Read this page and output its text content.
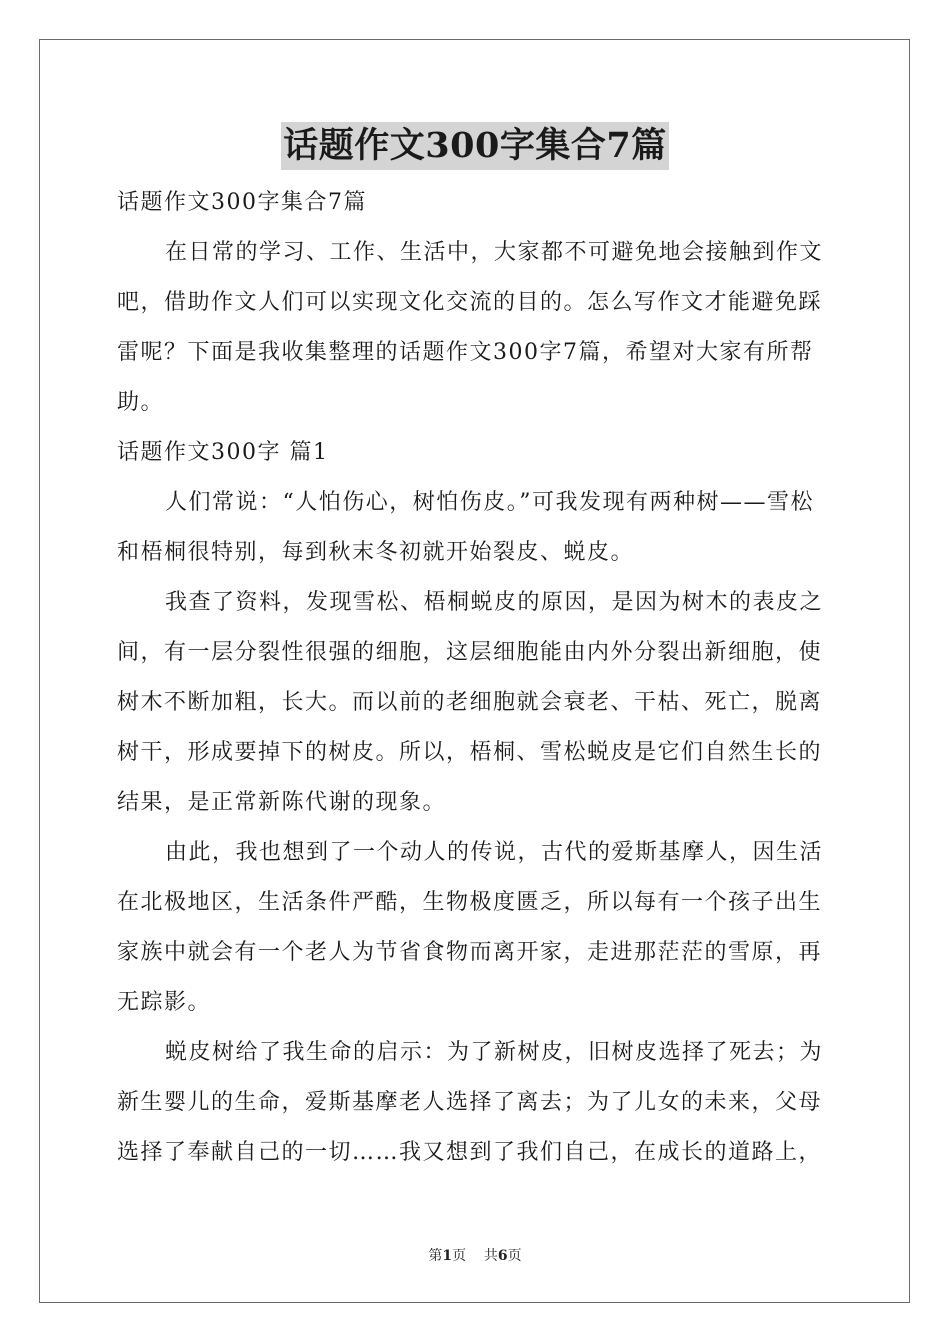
话题作文300字集合7篇

话题作文300字集合7篇

在日常的学习、工作、生活中，大家都不可避免地会接触到作文吧，借助作文人们可以实现文化交流的目的。怎么写作文才能避免踩雷呢？下面是我收集整理的话题作文300字7篇，希望对大家有所帮助。

话题作文300字 篇1

人们常说：“人怕伤心，树怕伤皮。”可我发现有两种树——雪松和梧桐很特别，每到秋末冬初就开始裂皮、蜕皮。

我查了资料，发现雪松、梧桐蜕皮的原因，是因为树木的表皮之间，有一层分裂性很强的细胞，这层细胞能由内外分裂出新细胞，使树木不断加粗，长大。而以前的老细胞就会衰老、干枯、死亡，脱离树干，形成要掉下的树皮。所以，梧桐、雪松蜕皮是它们自然生长的结果，是正常新陈代谢的现象。

由此，我也想到了一个动人的传说，古代的爱斯基摩人，因生活在北极地区，生活条件严酷，生物极度匮乏，所以每有一个孩子出生家族中就会有一个老人为节省食物而离开家，走进那茫茫的雪原，再无踪影。

蜕皮树给了我生命的启示：为了新树皮，旧树皮选择了死去；为新生婴儿的生命，爱斯基摩老人选择了离去；为了儿女的未来，父母选择了奉献自己的一切……我又想到了我们自己，在成长的道路上，

第1页 共6页
